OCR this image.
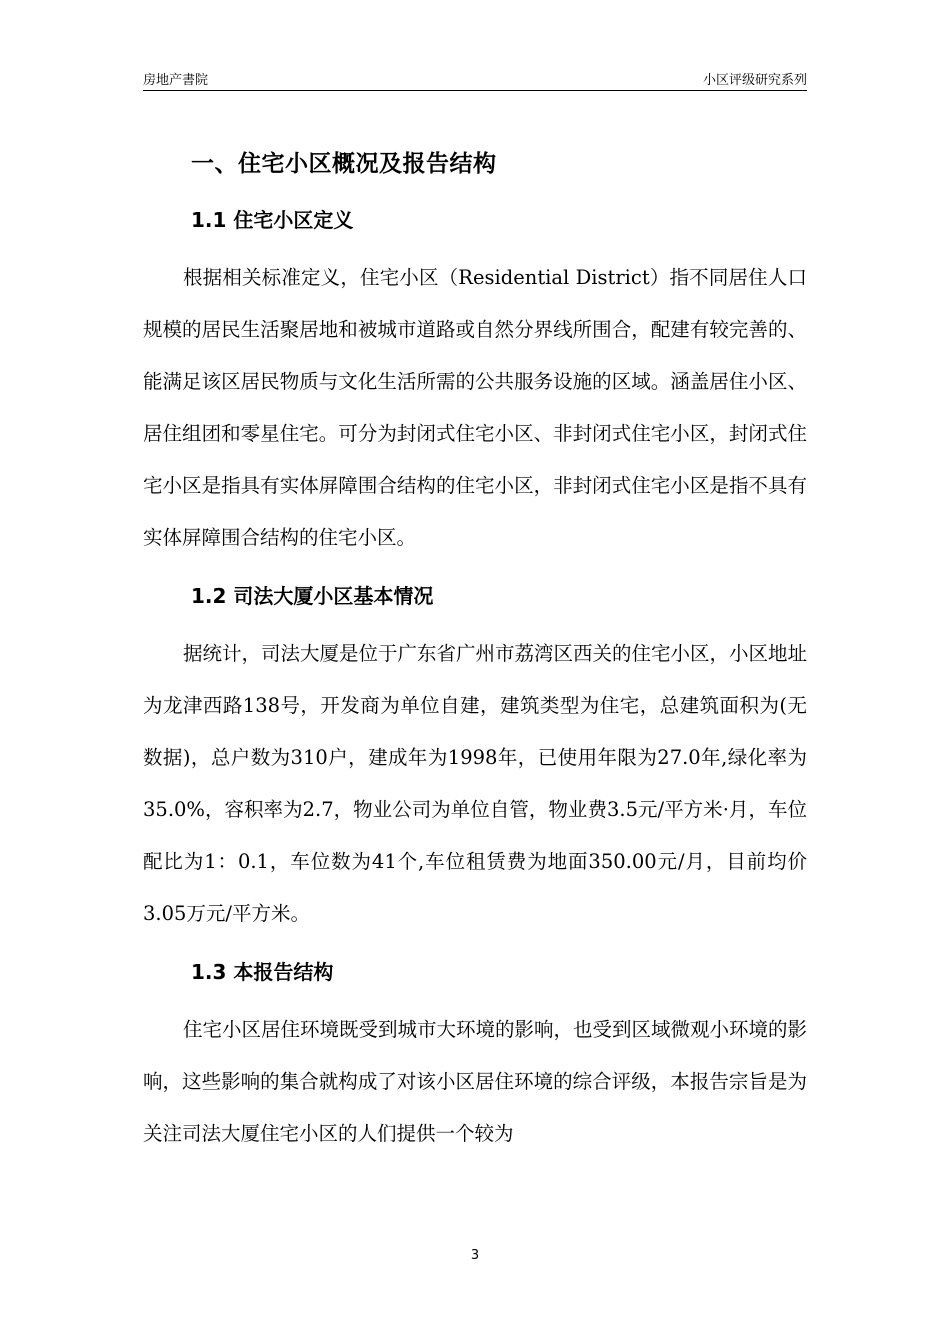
房地产書院	小区评级研究系列
一、住宅小区概况及报告结构
1.1 住宅小区定义

根据相关标准定义，住宅小区（Residential District）指不同居住人口规模的居民生活聚居地和被城市道路或自然分界线所围合，配建有较完善的、能满足该区居民物质与文化生活所需的公共服务设施的区域。涵盖居住小区、居住组团和零星住宅。可分为封闭式住宅小区、非封闭式住宅小区，封闭式住宅小区是指具有实体屏障围合结构的住宅小区，非封闭式住宅小区是指不具有实体屏障围合结构的住宅小区。

1.2 司法大厦小区基本情况

据统计，司法大厦是位于广东省广州市荔湾区西关的住宅小区，小区地址为龙津西路138号，开发商为单位自建，建筑类型为住宅，总建筑面积为(无数据)，总户数为310户，建成年为1998年，已使用年限为27.0年,绿化率为35.0%，容积率为2.7，物业公司为单位自管，物业费3.5元/平方米·月，车位配比为1：0.1，车位数为41个,车位租赁费为地面350.00元/月，目前均价3.05万元/平方米。

1.3 本报告结构

住宅小区居住环境既受到城市大环境的影响，也受到区域微观小环境的影响，这些影响的集合就构成了对该小区居住环境的综合评级，本报告宗旨是为关注司法大厦住宅小区的人们提供一个较为

3
